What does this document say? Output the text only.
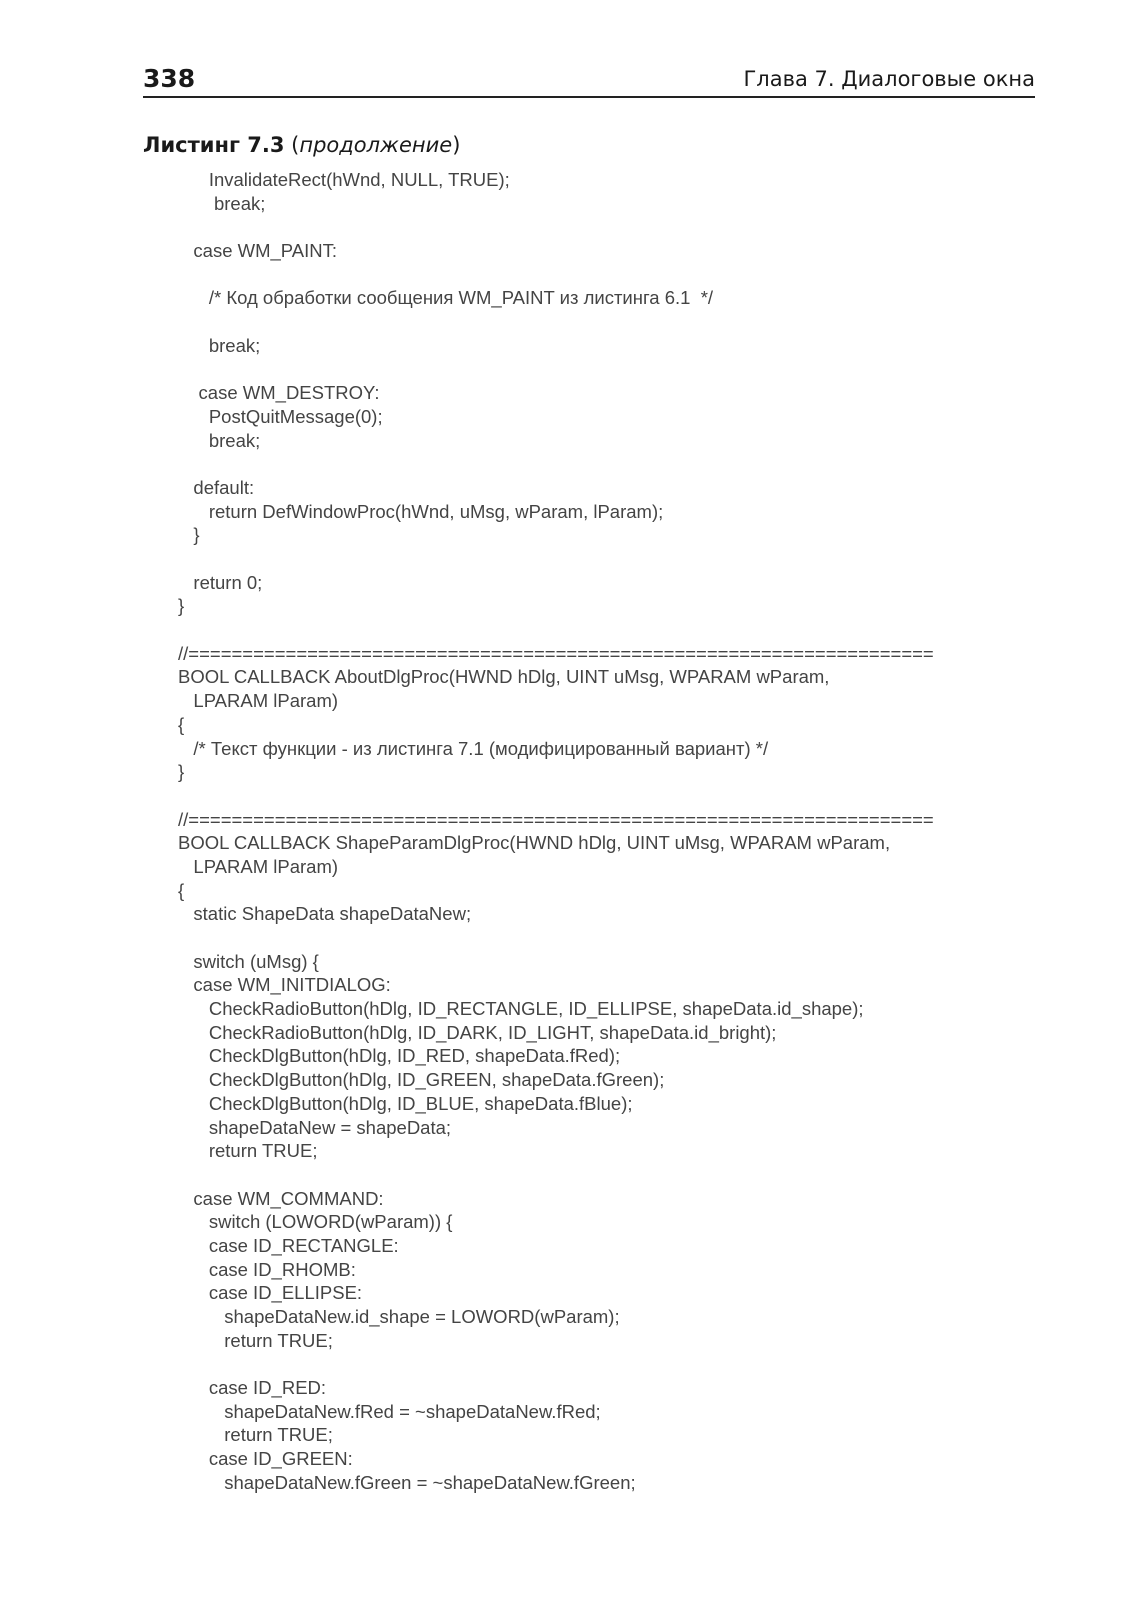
338	Глава 7. Диалоговые окна
Листинг 7.3 (продолжение)
InvalidateRect(hWnd, NULL, TRUE);
break;
case WM_PAINT:
/* Код обработки сообщения WM_PAINT из листинга 6.1  */
break;
case WM_DESTROY:
PostQuitMessage(0);
break;
default:
return DefWindowProc(hWnd, uMsg, wParam, lParam);
}
return 0;
}
//=====================================================================
BOOL CALLBACK AboutDlgProc(HWND hDlg, UINT uMsg, WPARAM wParam,
LPARAM lParam)
{
/* Текст функции - из листинга 7.1 (модифицированный вариант) */
}
//=====================================================================
BOOL CALLBACK ShapeParamDlgProc(HWND hDlg, UINT uMsg, WPARAM wParam,
LPARAM lParam)
{
static ShapeData shapeDataNew;
switch (uMsg) {
case WM_INITDIALOG:
CheckRadioButton(hDlg, ID_RECTANGLE, ID_ELLIPSE, shapeData.id_shape);
CheckRadioButton(hDlg, ID_DARK, ID_LIGHT, shapeData.id_bright);
CheckDlgButton(hDlg, ID_RED, shapeData.fRed);
CheckDlgButton(hDlg, ID_GREEN, shapeData.fGreen);
CheckDlgButton(hDlg, ID_BLUE, shapeData.fBlue);
shapeDataNew = shapeData;
return TRUE;
case WM_COMMAND:
switch (LOWORD(wParam)) {
case ID_RECTANGLE:
case ID_RHOMB:
case ID_ELLIPSE:
shapeDataNew.id_shape = LOWORD(wParam);
return TRUE;
case ID_RED:
shapeDataNew.fRed = ~shapeDataNew.fRed;
return TRUE;
case ID_GREEN:
shapeDataNew.fGreen = ~shapeDataNew.fGreen;
